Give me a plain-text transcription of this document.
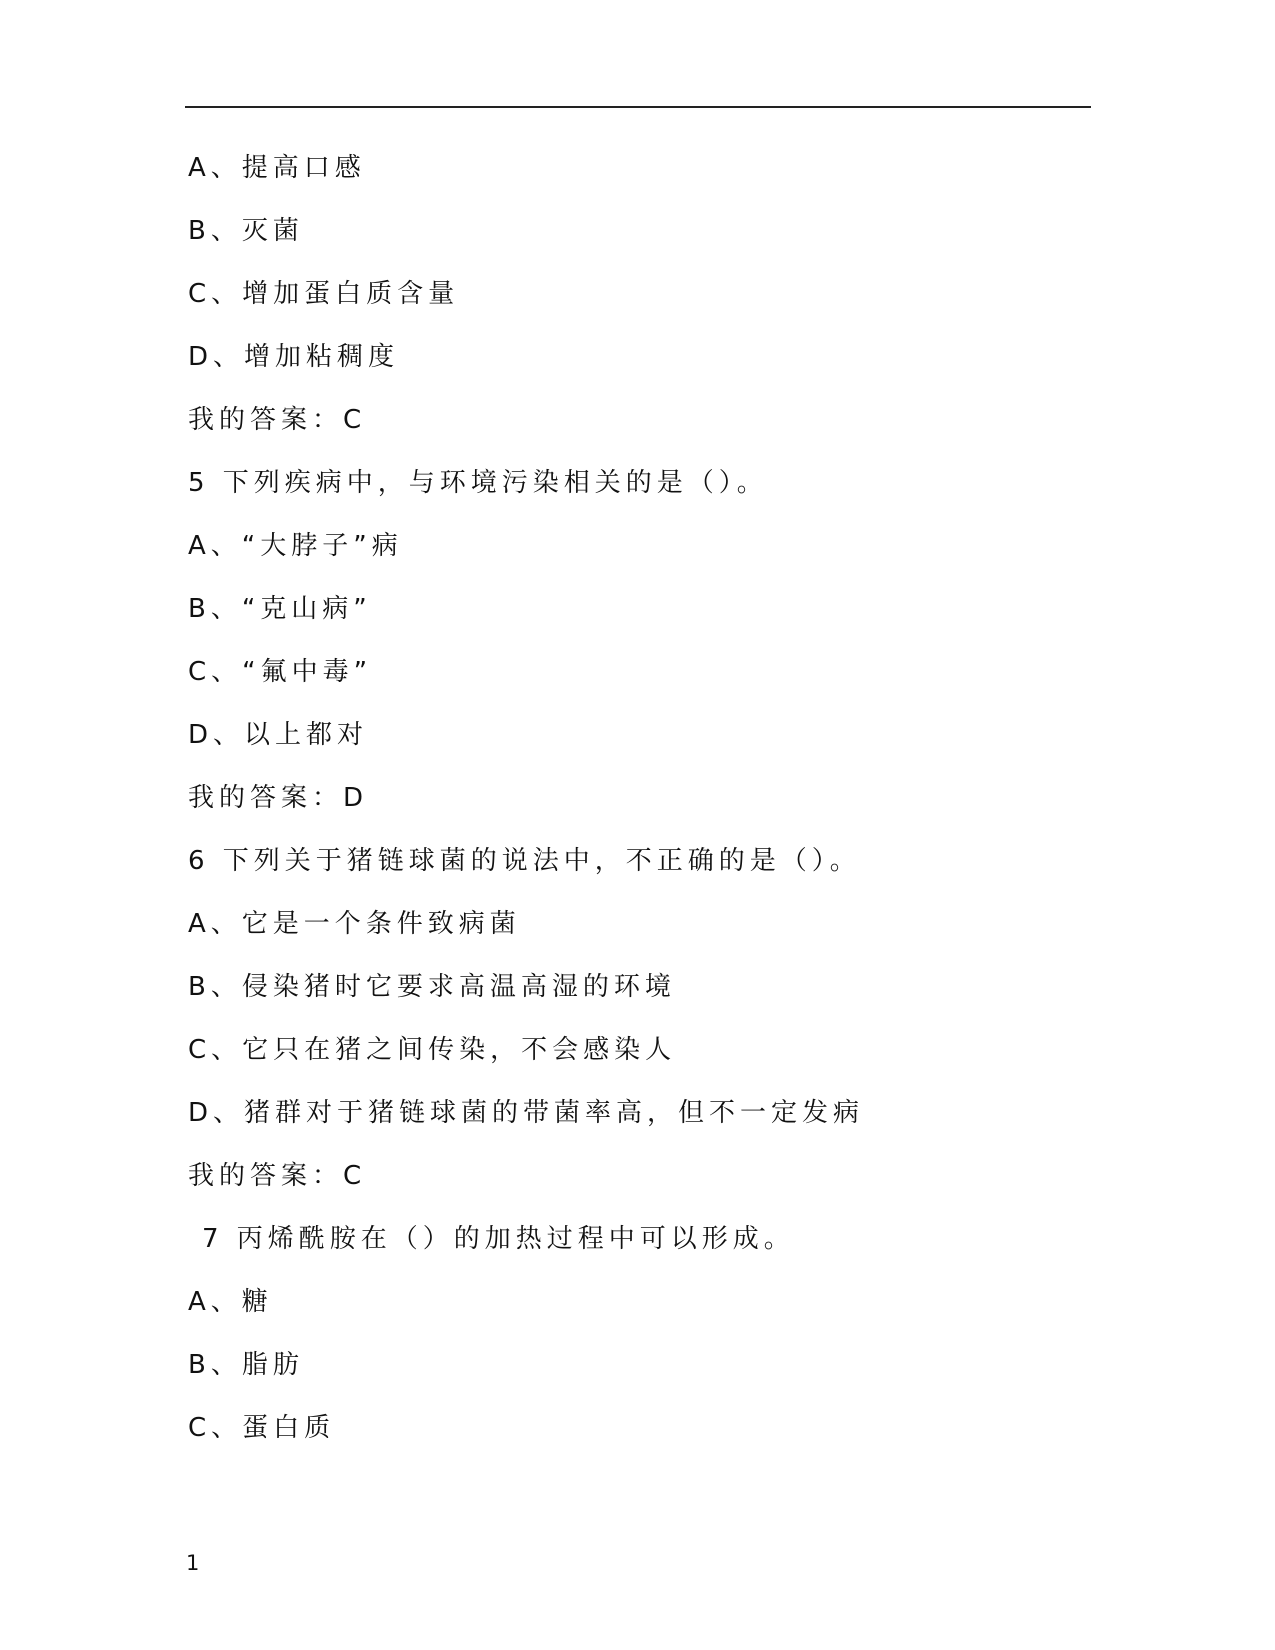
A、提高口感
B、灭菌
C、增加蛋白质含量
D、增加粘稠度
我的答案：C
5 下列疾病中，与环境污染相关的是（）。
A、“大脖子”病
B、“克山病”
C、“氟中毒”
D、以上都对
我的答案：D
6 下列关于猪链球菌的说法中，不正确的是（）。
A、它是一个条件致病菌
B、侵染猪时它要求高温高湿的环境
C、它只在猪之间传染，不会感染人
D、猪群对于猪链球菌的带菌率高，但不一定发病
我的答案：C
7 丙烯酰胺在（）的加热过程中可以形成。
A、糖
B、脂肪
C、蛋白质
1
